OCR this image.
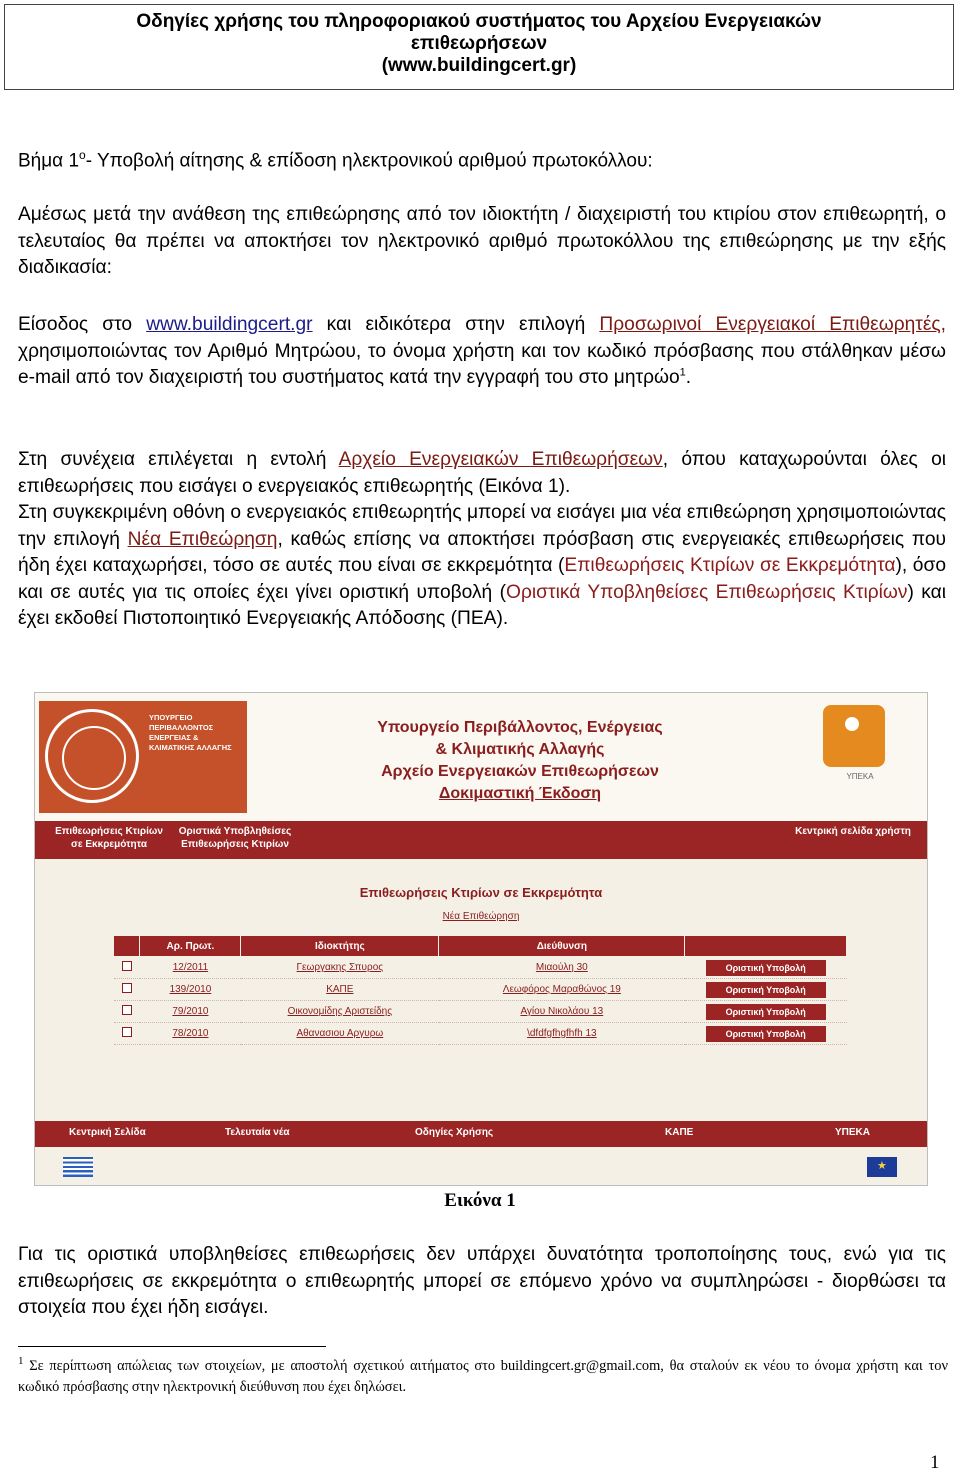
Οδηγίες χρήσης του πληροφοριακού συστήματος του Αρχείου Ενεργειακών
επιθεωρήσεων
(www.buildingcert.gr)
Βήμα $1^o-$ Υποβολή αίτησης & επίδοση ηλεκτρονικού αριθμού πρωτοκόλλου:
Αμέσως μετά την ανάθεση της επιθεώρησης από τον ιδιοκτήτη / διαχειριστή του κτιρίου στον επιθεωρητή, ο τελευταίος θα πρέπει να αποκτήσει τον ηλεκτρονικό αριθμό πρωτοκόλλου της επιθεώρησης με την εξής διαδικασία:
Είσοδος στο www.buildingcert.gr και ειδικότερα στην επιλογή Προσωρινοί Ενεργειακοί Επιθεωρητές, χρησιμοποιώντας τον Αριθμό Μητρώου, το όνομα χρήστη και τον κωδικό πρόσβασης που στάλθηκαν μέσω e-mail από τον διαχειριστή του συστήματος κατά την εγγραφή του στο μητρώο$^1$.
Στη συνέχεια επιλέγεται η εντολή Αρχείο Ενεργειακών Επιθεωρήσεων, όπου καταχωρούνται όλες οι επιθεωρήσεις που εισάγει ο ενεργειακός επιθεωρητής (Εικόνα 1).
Στη συγκεκριμένη οθόνη ο ενεργειακός επιθεωρητής μπορεί να εισάγει μια νέα επιθεώρηση χρησιμοποιώντας την επιλογή Νέα Επιθεώρηση, καθώς επίσης να αποκτήσει πρόσβαση στις ενεργειακές επιθεωρήσεις που ήδη έχει καταχωρήσει, τόσο σε αυτές που είναι σε εκκρεμότητα (Επιθεωρήσεις Κτιρίων σε Εκκρεμότητα), όσο και σε αυτές για τις οποίες έχει γίνει οριστική υποβολή (Οριστικά Υποβληθείσες Επιθεωρήσεις Κτιρίων) και έχει εκδοθεί Πιστοποιητικό Ενεργειακής Απόδοσης (ΠΕΑ).
ΥΠΟΥΡΓΕΙΟ ΠΕΡΙΒΑΛΛΟΝΤΟΣ ΕΝΕΡΓΕΙΑΣ & ΚΛΙΜΑΤΙΚΗΣ ΑΛΛΑΓΗΣ
Υπουργείο Περιβάλλοντος, Ενέργειας
& Κλιματικής Αλλαγής
Αρχείο Ενεργειακών Επιθεωρήσεων
Δοκιμαστική Έκδοση
ΥΠΕΚΑ
Επιθεωρήσεις Κτιρίων σε Εκκρεμότητα
Οριστικά Υποβληθείσες Επιθεωρήσεις Κτιρίων
Κεντρική σελίδα χρήστη
Επιθεωρήσεις Κτιρίων σε Εκκρεμότητα
Νέα Επιθεώρηση
	Αρ. Πρωτ.	Ιδιοκτήτης	Διεύθυνση	
	12/2011	Γεωργακης Σπυρος	Μιαούλη 30	Οριστική Υποβολή
	139/2010	ΚΑΠΕ	Λεωφόρος Μαραθώνος 19	Οριστική Υποβολή
	79/2010	Οικονομίδης Αριστείδης	Αγίου Νικολάου 13	Οριστική Υποβολή
	78/2010	Αθανασιου Αργυρω	\dfdfgfhgfhfh 13	Οριστική Υποβολή
Κεντρική Σελίδα	Τελευταία νέα	Οδηγίες Χρήσης	ΚΑΠΕ	ΥΠΕΚΑ
★
Εικόνα 1
Για τις οριστικά υποβληθείσες επιθεωρήσεις δεν υπάρχει δυνατότητα τροποποίησης τους, ενώ για τις επιθεωρήσεις σε εκκρεμότητα ο επιθεωρητής μπορεί σε επόμενο χρόνο να συμπληρώσει - διορθώσει τα στοιχεία που έχει ήδη εισάγει.
$^1$ Σε περίπτωση απώλειας των στοιχείων, με αποστολή σχετικού αιτήματος στο buildingcert.gr@gmail.com, θα σταλούν εκ νέου το όνομα χρήστη και τον κωδικό πρόσβασης στην ηλεκτρονική διεύθυνση που έχει δηλώσει.
1
